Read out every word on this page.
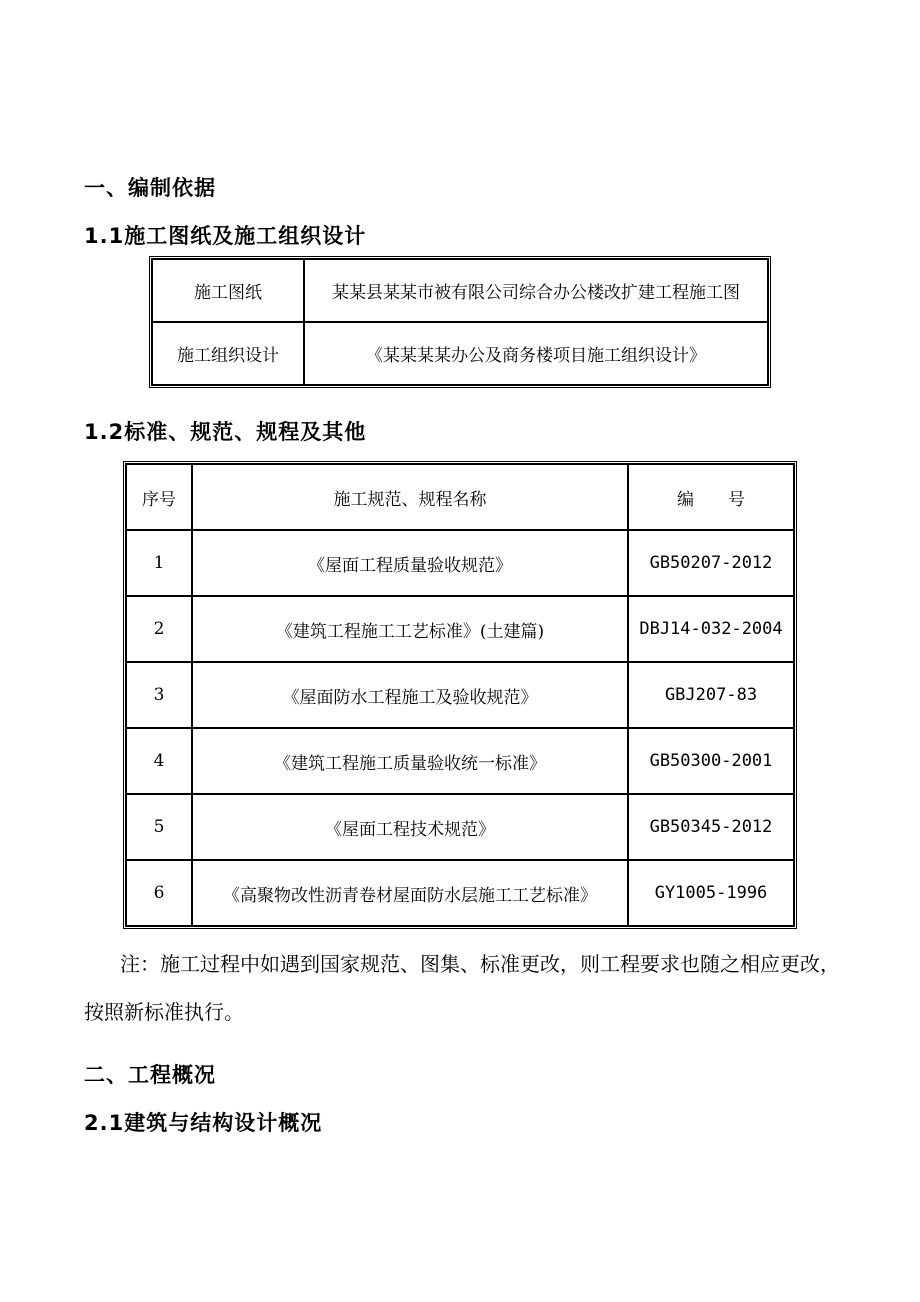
一、编制依据
1.1施工图纸及施工组织设计
施工图纸	某某县某某巿被有限公司综合办公楼改扩建工程施工图
施工组织设计	《某某某某办公及商务楼项目施工组织设计》
1.2标准、规范、规程及其他
序号	施工规范、规程名称	编　　号
1	《屋面工程质量验收规范》	GB50207-2012
2	《建筑工程施工工艺标准》(土建篇)	DBJ14-032-2004
3	《屋面防水工程施工及验收规范》	GBJ207-83
4	《建筑工程施工质量验收统一标准》	GB50300-2001
5	《屋面工程技术规范》	GB50345-2012
6	《高聚物改性沥青卷材屋面防水层施工工艺标准》	GY1005-1996
注：施工过程中如遇到国家规范、图集、标准更改，则工程要求也随之相应更改，按照新标准执行。
二、工程概况
2.1建筑与结构设计概况
